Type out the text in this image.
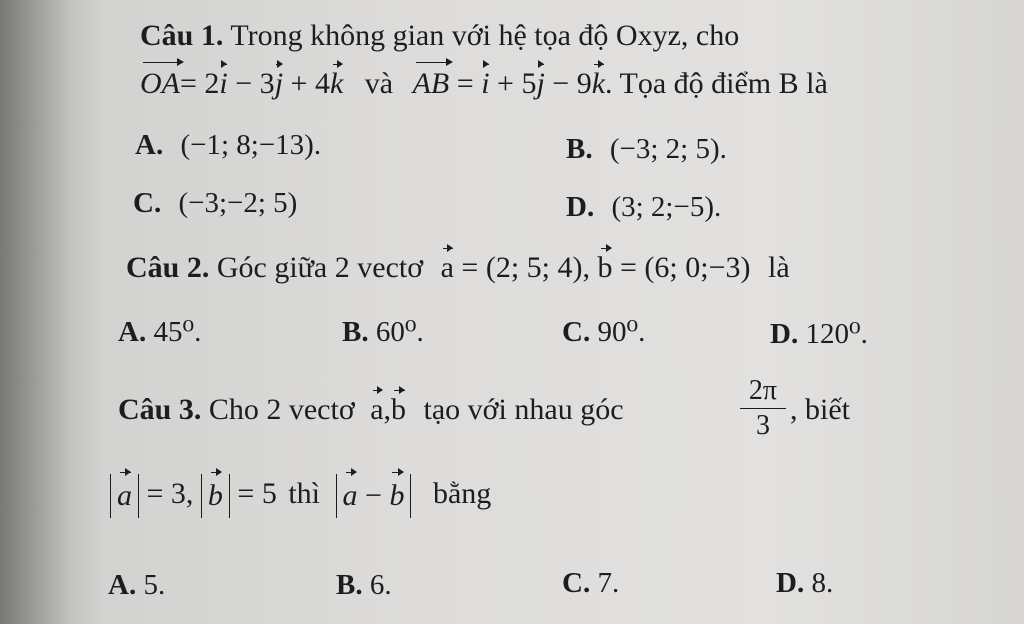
Câu 1. Trong không gian với hệ tọa độ Oxyz, cho
OA= 2i − 3j + 4k và AB = i + 5j − 9k. Tọa độ điểm B là
A. (−1; 8;−13).	B. (−3; 2; 5).
C. (−3;−2; 5)	D. (3; 2;−5).
Câu 2. Góc giữa 2 vectơ a = (2; 5; 4), b = (6; 0;−3) là
A. 45⁰.	B. 60⁰.	C. 90⁰.	D. 120⁰.
Câu 3. Cho 2 vectơ a,b tạo với nhau góc
2π
3 , biết
a = 3, b = 5 thì a − b bằng
A. 5.	B. 6.	C. 7.	D. 8.
